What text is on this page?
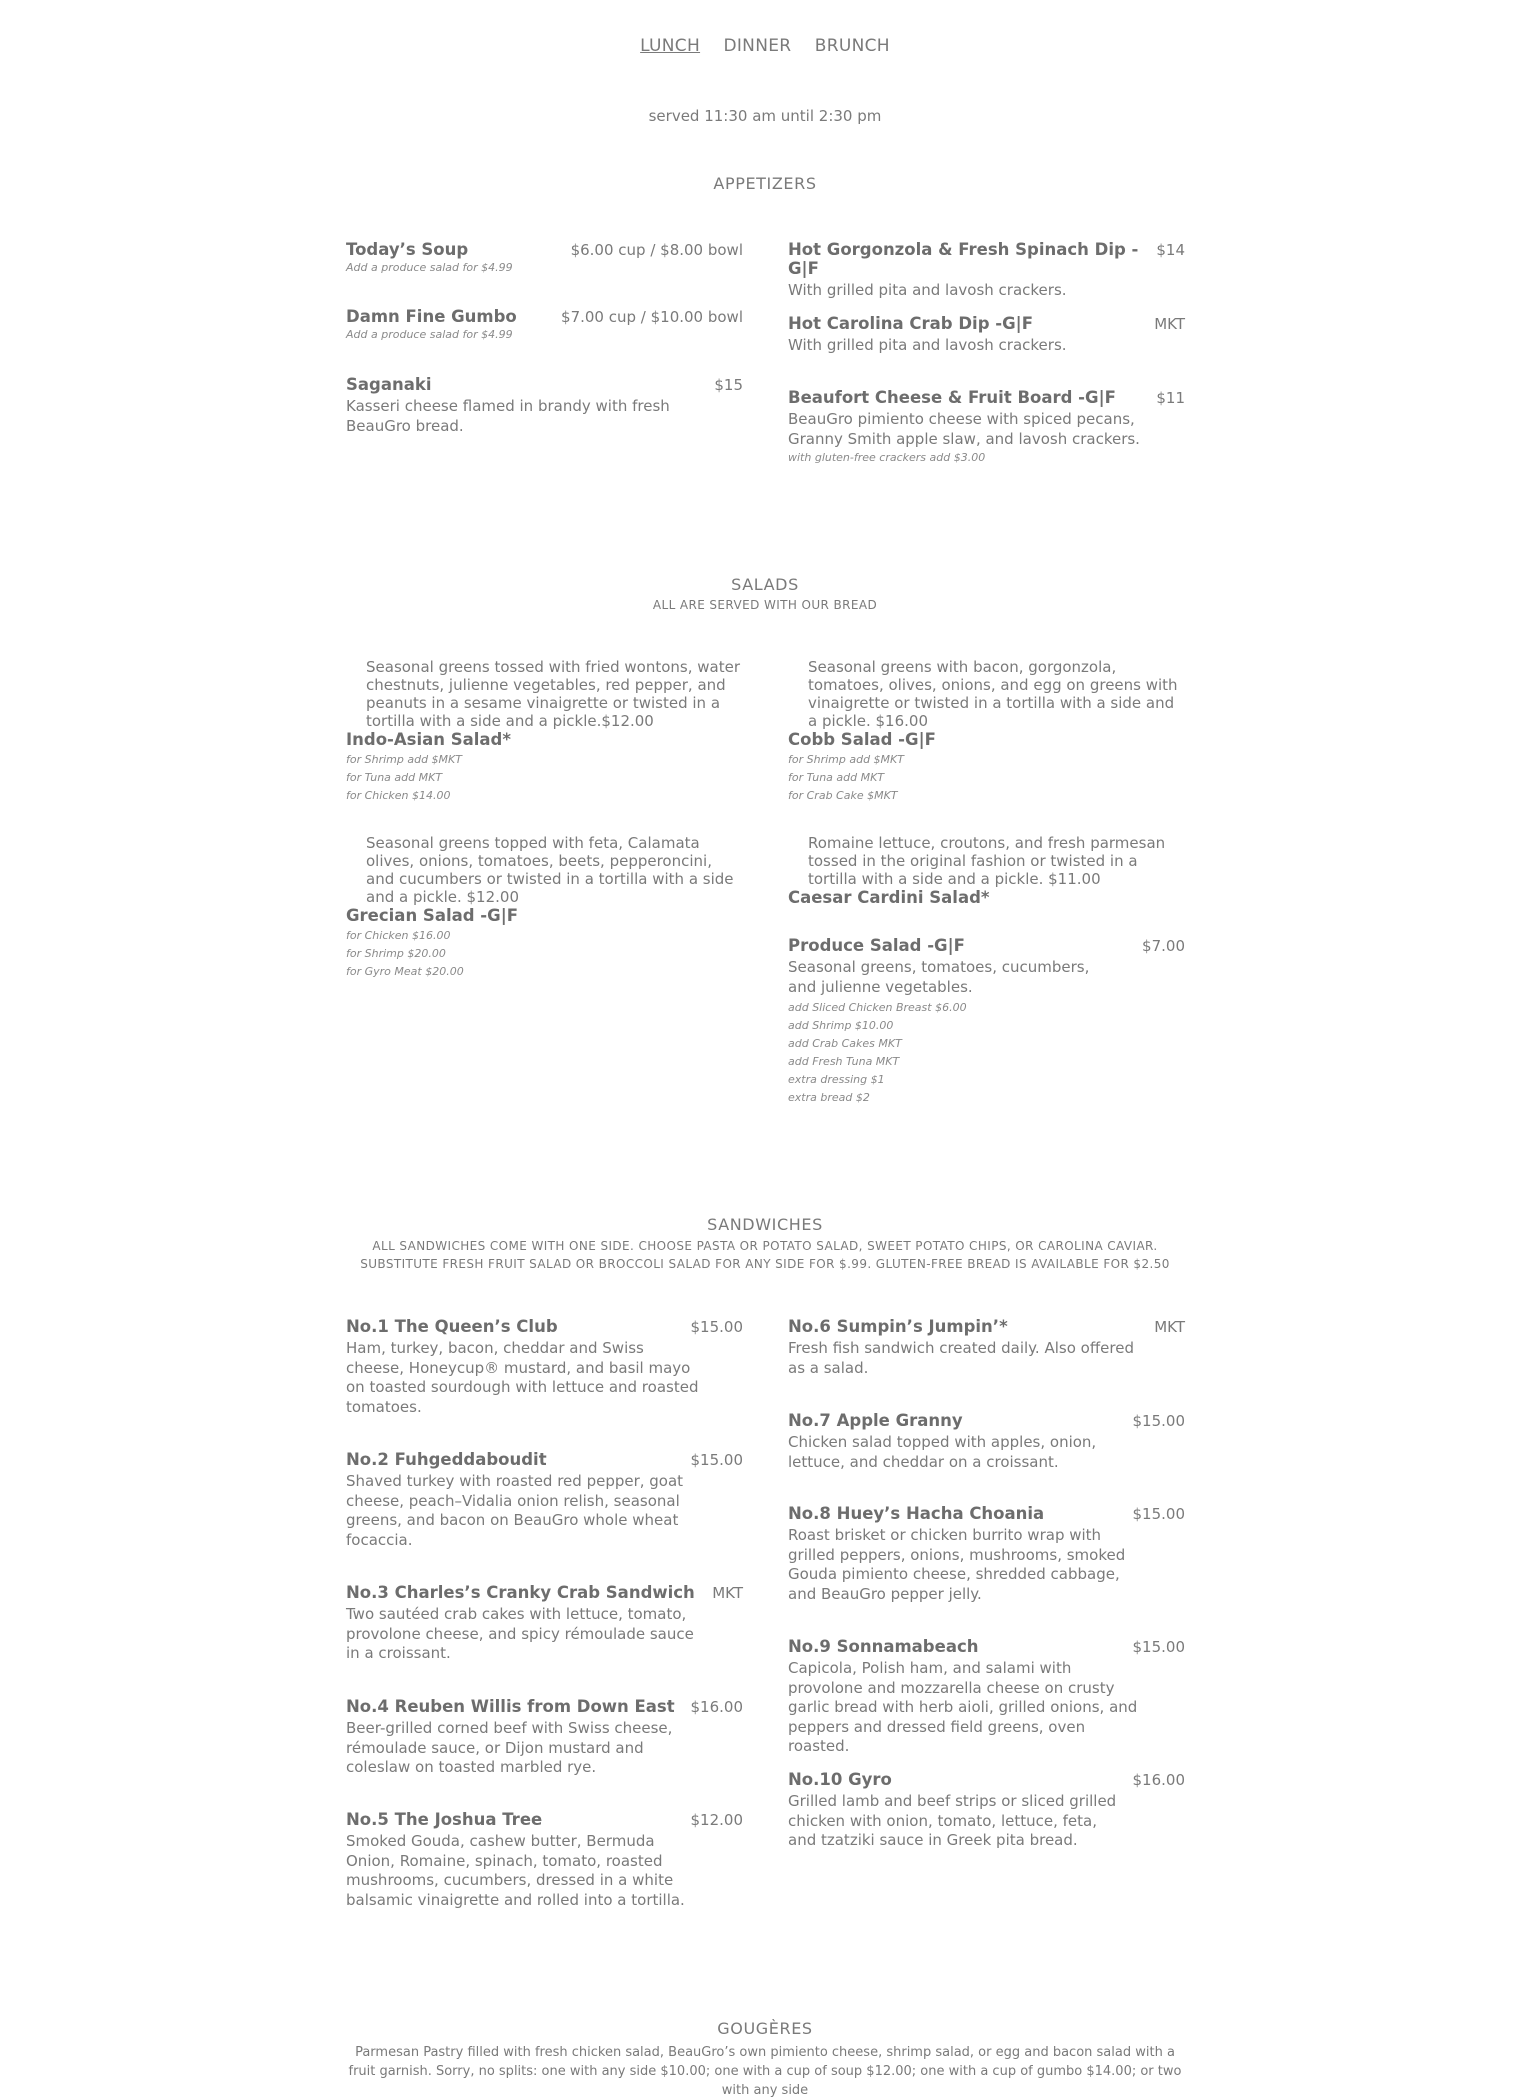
LUNCH DINNER BRUNCH
served 11:30 am until 2:30 pm
APPETIZERS
Today’s Soup	$6.00 cup / $8.00 bowl
Add a produce salad for $4.99
Damn Fine Gumbo	$7.00 cup / $10.00 bowl
Add a produce salad for $4.99
Saganaki	$15
Kasseri cheese flamed in brandy with fresh BeauGro bread.
Hot Gorgonzola & Fresh Spinach Dip -G|F
$14
With grilled pita and lavosh crackers.
Hot Carolina Crab Dip -G|F	MKT
With grilled pita and lavosh crackers.
Beaufort Cheese & Fruit Board -G|F	$11
BeauGro pimiento cheese with spiced pecans, Granny Smith apple slaw, and lavosh crackers.
with gluten-free crackers add $3.00
SALADS
ALL ARE SERVED WITH OUR BREAD
Seasonal greens tossed with fried wontons, water chestnuts, julienne vegetables, red pepper, and peanuts in a sesame vinaigrette or twisted in a tortilla with a side and a pickle.$12.00
Indo-Asian Salad*
for Shrimp add $MKT
for Tuna add MKT
for Chicken $14.00
Seasonal greens topped with feta, Calamata olives, onions, tomatoes, beets, pepperoncini, and cucumbers or twisted in a tortilla with a side and a pickle. $12.00
Grecian Salad -G|F
for Chicken $16.00
for Shrimp $20.00
for Gyro Meat $20.00
Seasonal greens with bacon, gorgonzola, tomatoes, olives, onions, and egg on greens with vinaigrette or twisted in a tortilla with a side and a pickle. $16.00
Cobb Salad -G|F
for Shrimp add $MKT
for Tuna add MKT
for Crab Cake $MKT
Romaine lettuce, croutons, and fresh parmesan tossed in the original fashion or twisted in a tortilla with a side and a pickle. $11.00
Caesar Cardini Salad*
Produce Salad -G|F	$7.00
Seasonal greens, tomatoes, cucumbers, and julienne vegetables.
add Sliced Chicken Breast $6.00
add Shrimp $10.00
add Crab Cakes MKT
add Fresh Tuna MKT
extra dressing $1
extra bread $2
SANDWICHES
ALL SANDWICHES COME WITH ONE SIDE. CHOOSE PASTA OR POTATO SALAD, SWEET POTATO CHIPS, OR CAROLINA CAVIAR.
SUBSTITUTE FRESH FRUIT SALAD OR BROCCOLI SALAD FOR ANY SIDE FOR $.99. GLUTEN-FREE BREAD IS AVAILABLE FOR $2.50
No.1 The Queen’s Club	$15.00
Ham, turkey, bacon, cheddar and Swiss cheese, Honeycup® mustard, and basil mayo on toasted sourdough with lettuce and roasted tomatoes.
No.2 Fuhgeddaboudit	$15.00
Shaved turkey with roasted red pepper, goat cheese, peach–Vidalia onion relish, seasonal greens, and bacon on BeauGro whole wheat focaccia.
No.3 Charles’s Cranky Crab Sandwich MKT
Two sautéed crab cakes with lettuce, tomato, provolone cheese, and spicy rémoulade sauce in a croissant.
No.4 Reuben Willis from Down East $16.00
Beer-grilled corned beef with Swiss cheese, rémoulade sauce, or Dijon mustard and coleslaw on toasted marbled rye.
No.5 The Joshua Tree	$12.00
Smoked Gouda, cashew butter, Bermuda Onion, Romaine, spinach, tomato, roasted mushrooms, cucumbers, dressed in a white balsamic vinaigrette and rolled into a tortilla.
No.6 Sumpin’s Jumpin’*	MKT
Fresh fish sandwich created daily. Also offered as a salad.
No.7 Apple Granny	$15.00
Chicken salad topped with apples, onion, lettuce, and cheddar on a croissant.
No.8 Huey’s Hacha Choania	$15.00
Roast brisket or chicken burrito wrap with grilled peppers, onions, mushrooms, smoked Gouda pimiento cheese, shredded cabbage, and BeauGro pepper jelly.
No.9 Sonnamabeach	$15.00
Capicola, Polish ham, and salami with provolone and mozzarella cheese on crusty garlic bread with herb aioli, grilled onions, and peppers and dressed field greens, oven roasted.
No.10 Gyro	$16.00
Grilled lamb and beef strips or sliced grilled chicken with onion, tomato, lettuce, feta, and tzatziki sauce in Greek pita bread.
GOUGÈRES
Parmesan Pastry filled with fresh chicken salad, BeauGro’s own pimiento cheese, shrimp salad, or egg and bacon salad with a fruit garnish. Sorry, no splits: one with any side $10.00; one with a cup of soup $12.00; one with a cup of gumbo $14.00; or two with any side
